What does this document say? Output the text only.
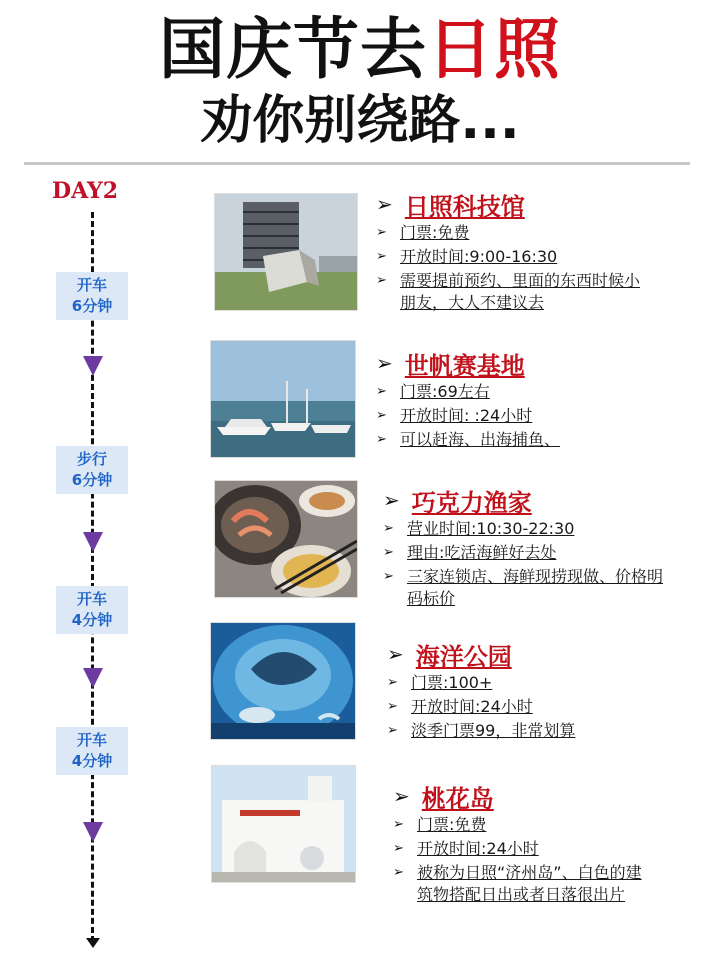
国庆节去日照
劝你别绕路...
DAY2
开车
6分钟
步行
6分钟
开车
4分钟
开车
4分钟
➢ 日照科技馆
➢ 门票:免费
➢ 开放时间:9:00-16:30
➢ 需要提前预约、里面的东西时候小
朋友，大人不建议去
➢ 世帆赛基地
➢ 门票:69左右
➢ 开放时间: :24小时
➢ 可以赶海、出海捕鱼、
➢ 巧克力渔家
➢ 营业时间:10:30-22:30
➢ 理由:吃活海鲜好去处
➢ 三家连锁店、海鲜现捞现做、价格明
码标价
➢ 海洋公园
➢ 门票:100+
➢ 开放时间:24小时
➢ 淡季门票99，非常划算
➢ 桃花岛
➢ 门票:免费
➢ 开放时间:24小时
➢ 被称为日照“济州岛”、白色的建
筑物搭配日出或者日落很出片
